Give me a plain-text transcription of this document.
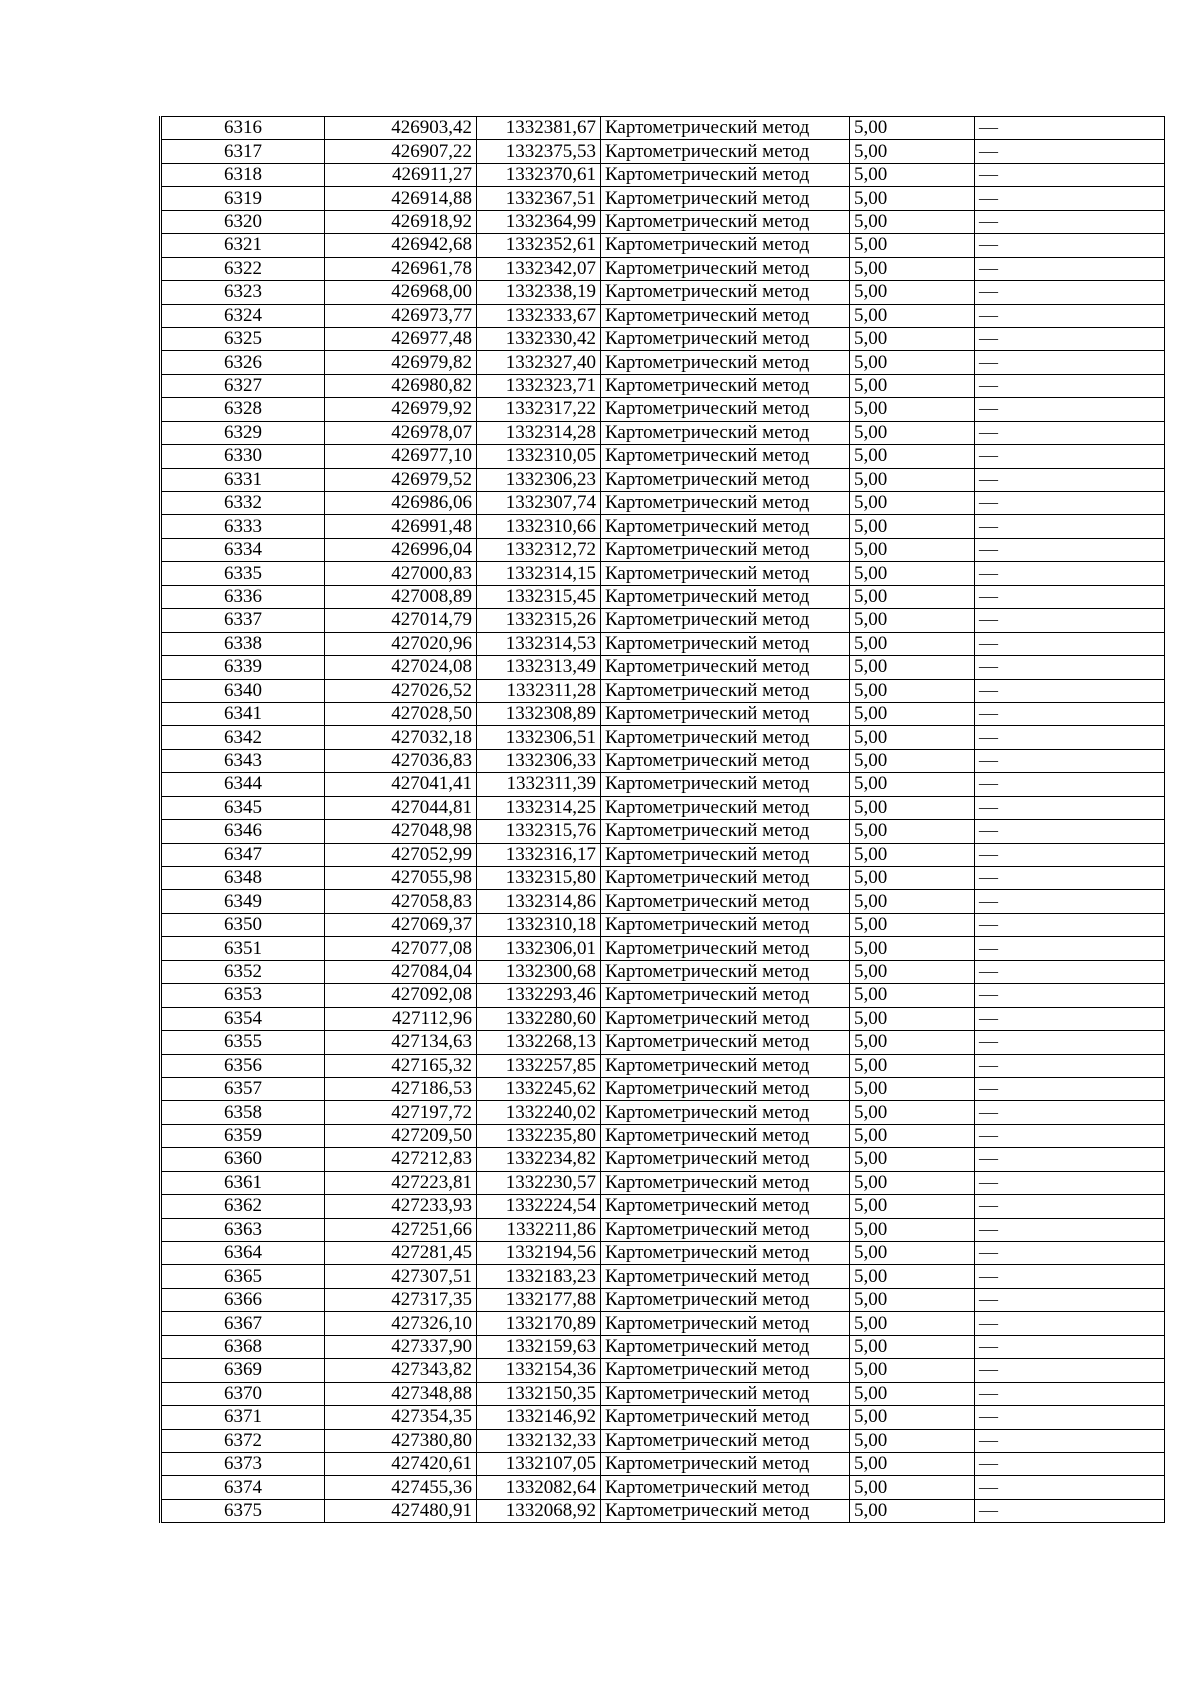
6316	426903,42	1332381,67	Картометрический метод	5,00	—
6317	426907,22	1332375,53	Картометрический метод	5,00	—
6318	426911,27	1332370,61	Картометрический метод	5,00	—
6319	426914,88	1332367,51	Картометрический метод	5,00	—
6320	426918,92	1332364,99	Картометрический метод	5,00	—
6321	426942,68	1332352,61	Картометрический метод	5,00	—
6322	426961,78	1332342,07	Картометрический метод	5,00	—
6323	426968,00	1332338,19	Картометрический метод	5,00	—
6324	426973,77	1332333,67	Картометрический метод	5,00	—
6325	426977,48	1332330,42	Картометрический метод	5,00	—
6326	426979,82	1332327,40	Картометрический метод	5,00	—
6327	426980,82	1332323,71	Картометрический метод	5,00	—
6328	426979,92	1332317,22	Картометрический метод	5,00	—
6329	426978,07	1332314,28	Картометрический метод	5,00	—
6330	426977,10	1332310,05	Картометрический метод	5,00	—
6331	426979,52	1332306,23	Картометрический метод	5,00	—
6332	426986,06	1332307,74	Картометрический метод	5,00	—
6333	426991,48	1332310,66	Картометрический метод	5,00	—
6334	426996,04	1332312,72	Картометрический метод	5,00	—
6335	427000,83	1332314,15	Картометрический метод	5,00	—
6336	427008,89	1332315,45	Картометрический метод	5,00	—
6337	427014,79	1332315,26	Картометрический метод	5,00	—
6338	427020,96	1332314,53	Картометрический метод	5,00	—
6339	427024,08	1332313,49	Картометрический метод	5,00	—
6340	427026,52	1332311,28	Картометрический метод	5,00	—
6341	427028,50	1332308,89	Картометрический метод	5,00	—
6342	427032,18	1332306,51	Картометрический метод	5,00	—
6343	427036,83	1332306,33	Картометрический метод	5,00	—
6344	427041,41	1332311,39	Картометрический метод	5,00	—
6345	427044,81	1332314,25	Картометрический метод	5,00	—
6346	427048,98	1332315,76	Картометрический метод	5,00	—
6347	427052,99	1332316,17	Картометрический метод	5,00	—
6348	427055,98	1332315,80	Картометрический метод	5,00	—
6349	427058,83	1332314,86	Картометрический метод	5,00	—
6350	427069,37	1332310,18	Картометрический метод	5,00	—
6351	427077,08	1332306,01	Картометрический метод	5,00	—
6352	427084,04	1332300,68	Картометрический метод	5,00	—
6353	427092,08	1332293,46	Картометрический метод	5,00	—
6354	427112,96	1332280,60	Картометрический метод	5,00	—
6355	427134,63	1332268,13	Картометрический метод	5,00	—
6356	427165,32	1332257,85	Картометрический метод	5,00	—
6357	427186,53	1332245,62	Картометрический метод	5,00	—
6358	427197,72	1332240,02	Картометрический метод	5,00	—
6359	427209,50	1332235,80	Картометрический метод	5,00	—
6360	427212,83	1332234,82	Картометрический метод	5,00	—
6361	427223,81	1332230,57	Картометрический метод	5,00	—
6362	427233,93	1332224,54	Картометрический метод	5,00	—
6363	427251,66	1332211,86	Картометрический метод	5,00	—
6364	427281,45	1332194,56	Картометрический метод	5,00	—
6365	427307,51	1332183,23	Картометрический метод	5,00	—
6366	427317,35	1332177,88	Картометрический метод	5,00	—
6367	427326,10	1332170,89	Картометрический метод	5,00	—
6368	427337,90	1332159,63	Картометрический метод	5,00	—
6369	427343,82	1332154,36	Картометрический метод	5,00	—
6370	427348,88	1332150,35	Картометрический метод	5,00	—
6371	427354,35	1332146,92	Картометрический метод	5,00	—
6372	427380,80	1332132,33	Картометрический метод	5,00	—
6373	427420,61	1332107,05	Картометрический метод	5,00	—
6374	427455,36	1332082,64	Картометрический метод	5,00	—
6375	427480,91	1332068,92	Картометрический метод	5,00	—
